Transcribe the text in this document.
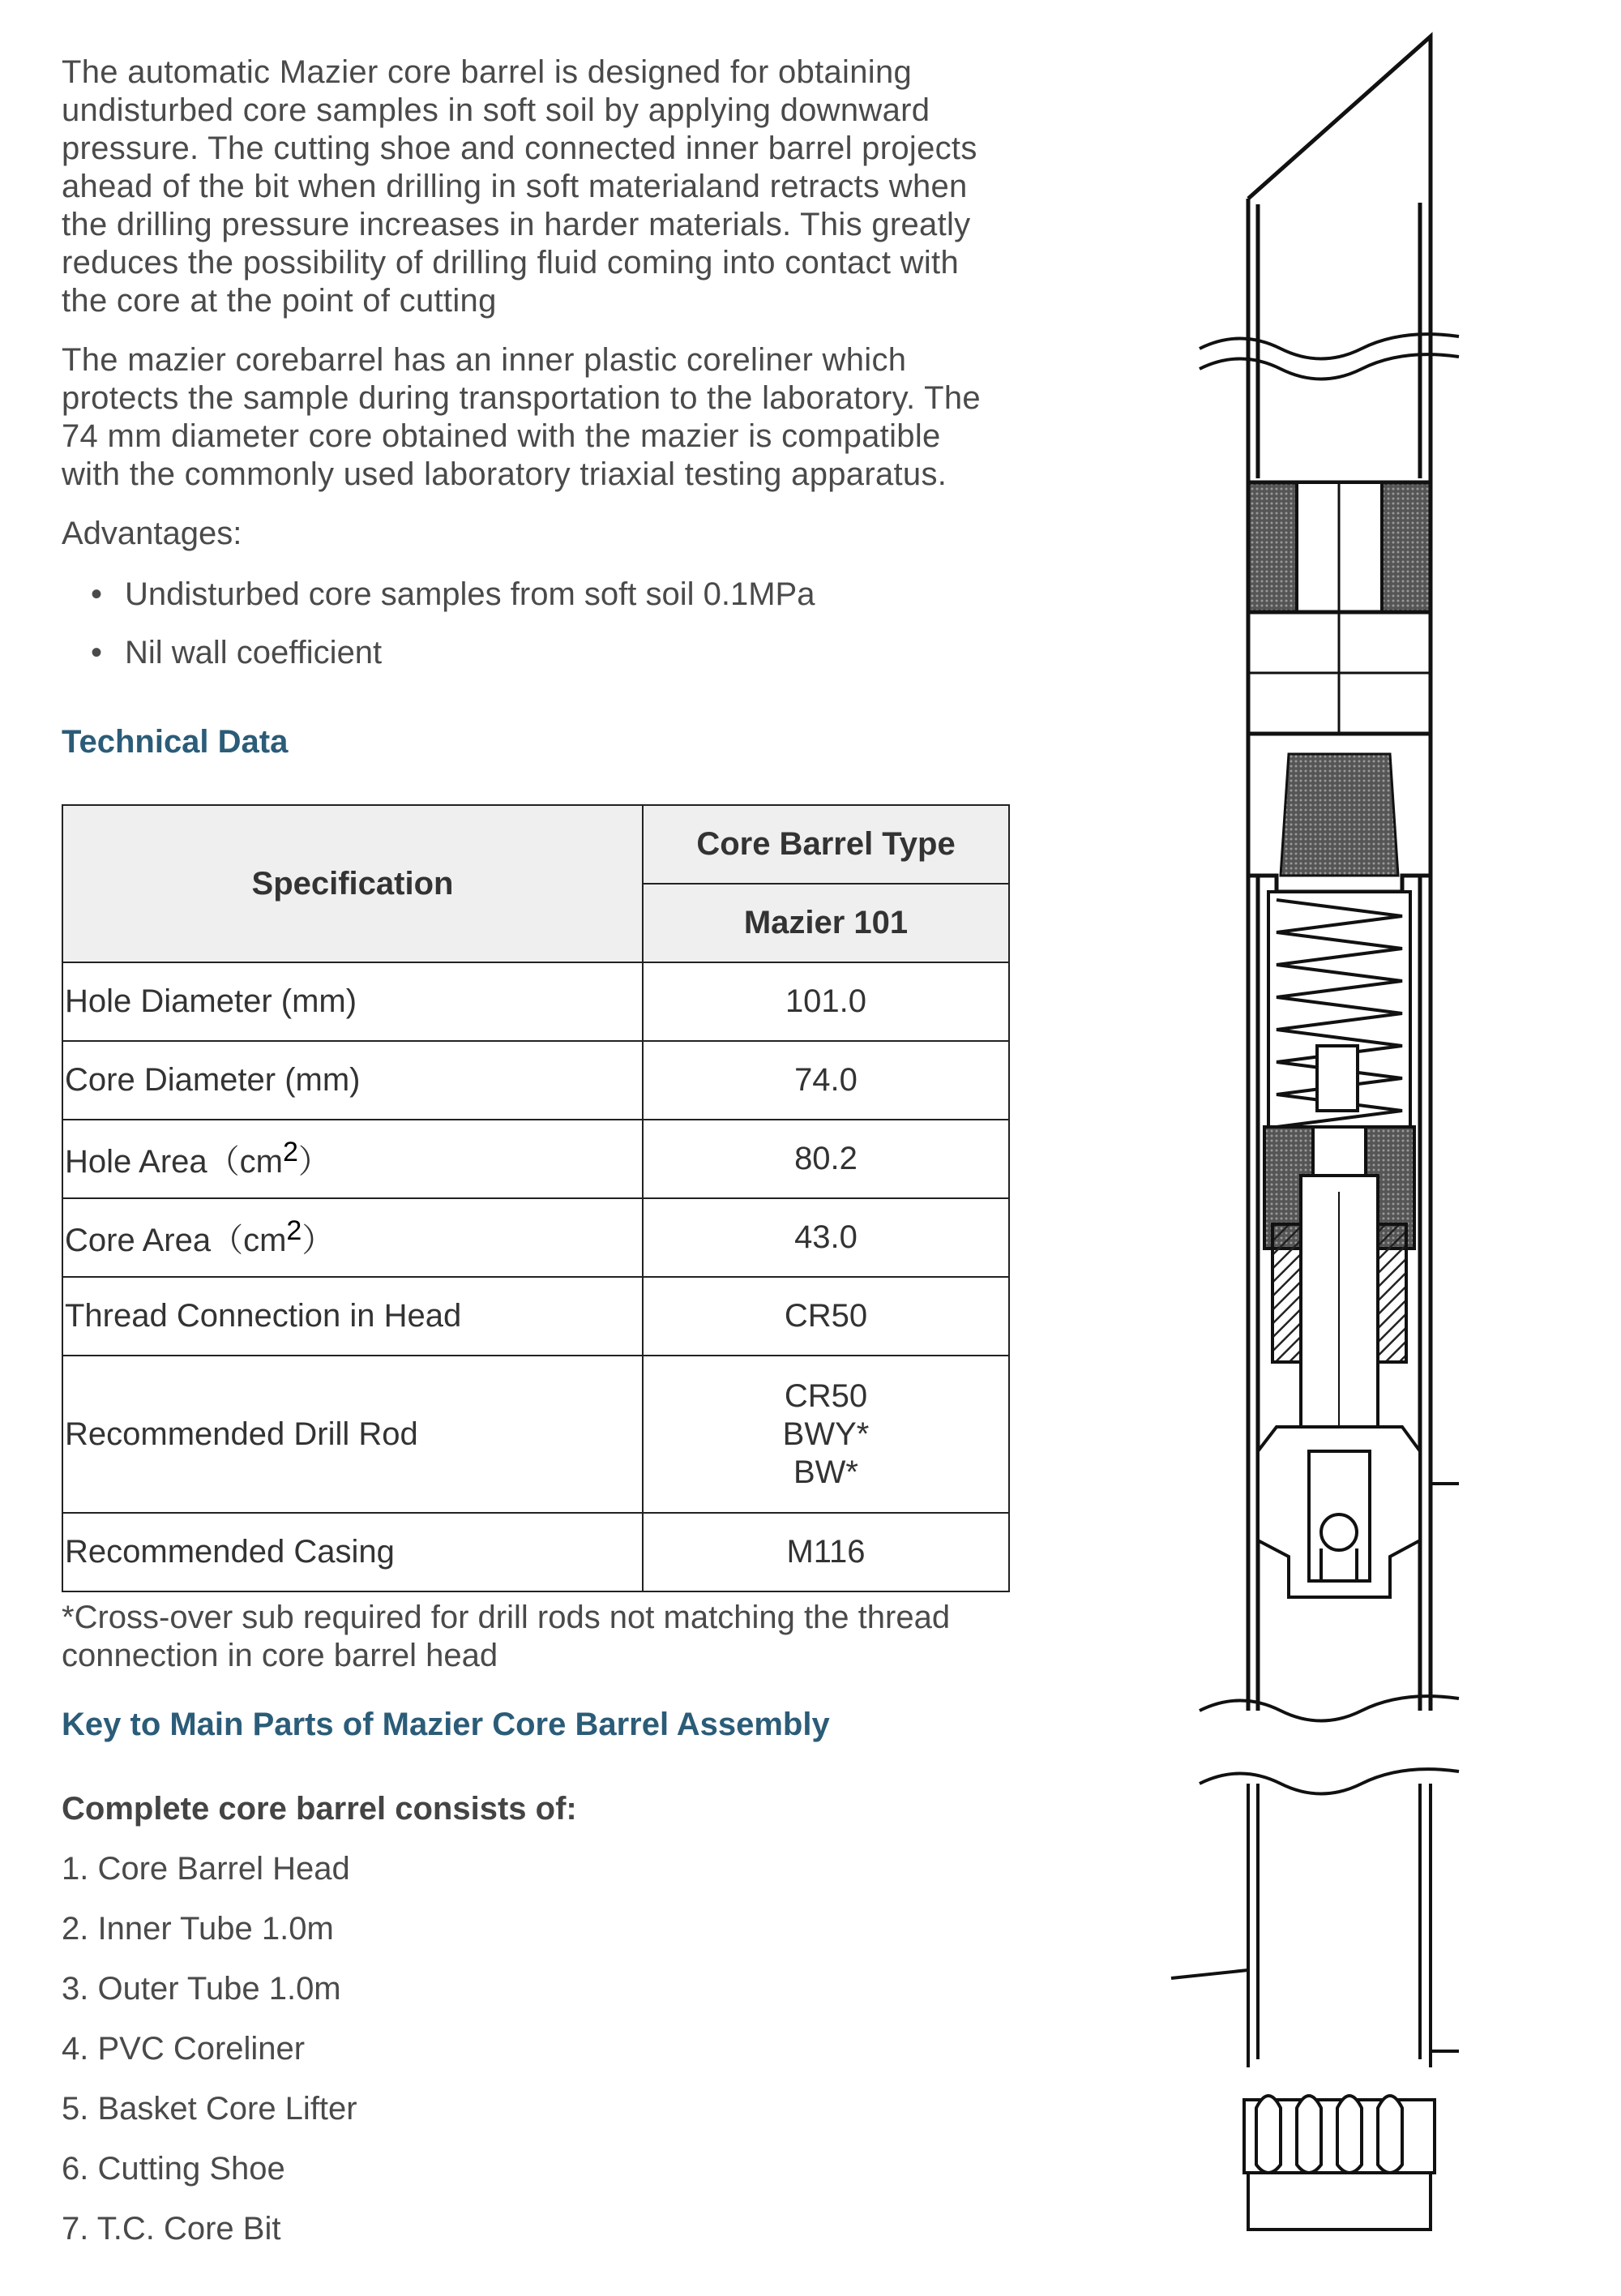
The automatic Mazier core barrel is designed for obtaining
undisturbed core samples in soft soil by applying downward
pressure. The cutting shoe and connected inner barrel projects
ahead of the bit when drilling in soft materialand retracts when
the drilling pressure increases in harder materials. This greatly
reduces the possibility of drilling fluid coming into contact with
the core at the point of cutting

The mazier corebarrel has an inner plastic coreliner which
protects the sample during transportation to the laboratory. The
74 mm diameter core obtained with the mazier is compatible
with the commonly used laboratory triaxial testing apparatus.

Advantages:

• Undisturbed core samples from soft soil 0.1MPa
• Nil wall coefficient

Technical Data

Specification	Core Barrel Type
	Mazier 101
Hole Diameter (mm)	101.0
Core Diameter (mm)	74.0
Hole $Area(cm^2)$	80.2
Core $Area(cm^2)$	43.0
Thread Connection in Head	CR50
Recommended Drill Rod	CR50
BWY*
BW*
Recommended Casing	M116

*Cross-over sub required for drill rods not matching the thread
connection in core barrel head

Key to Main Parts of Mazier Core Barrel Assembly

Complete core barrel consists of:

1. Core Barrel Head
2. Inner Tube 1.0m
3. Outer Tube 1.0m
4. PVC Coreliner
5. Basket Core Lifter
6. Cutting Shoe
7. T.C. Core Bit
